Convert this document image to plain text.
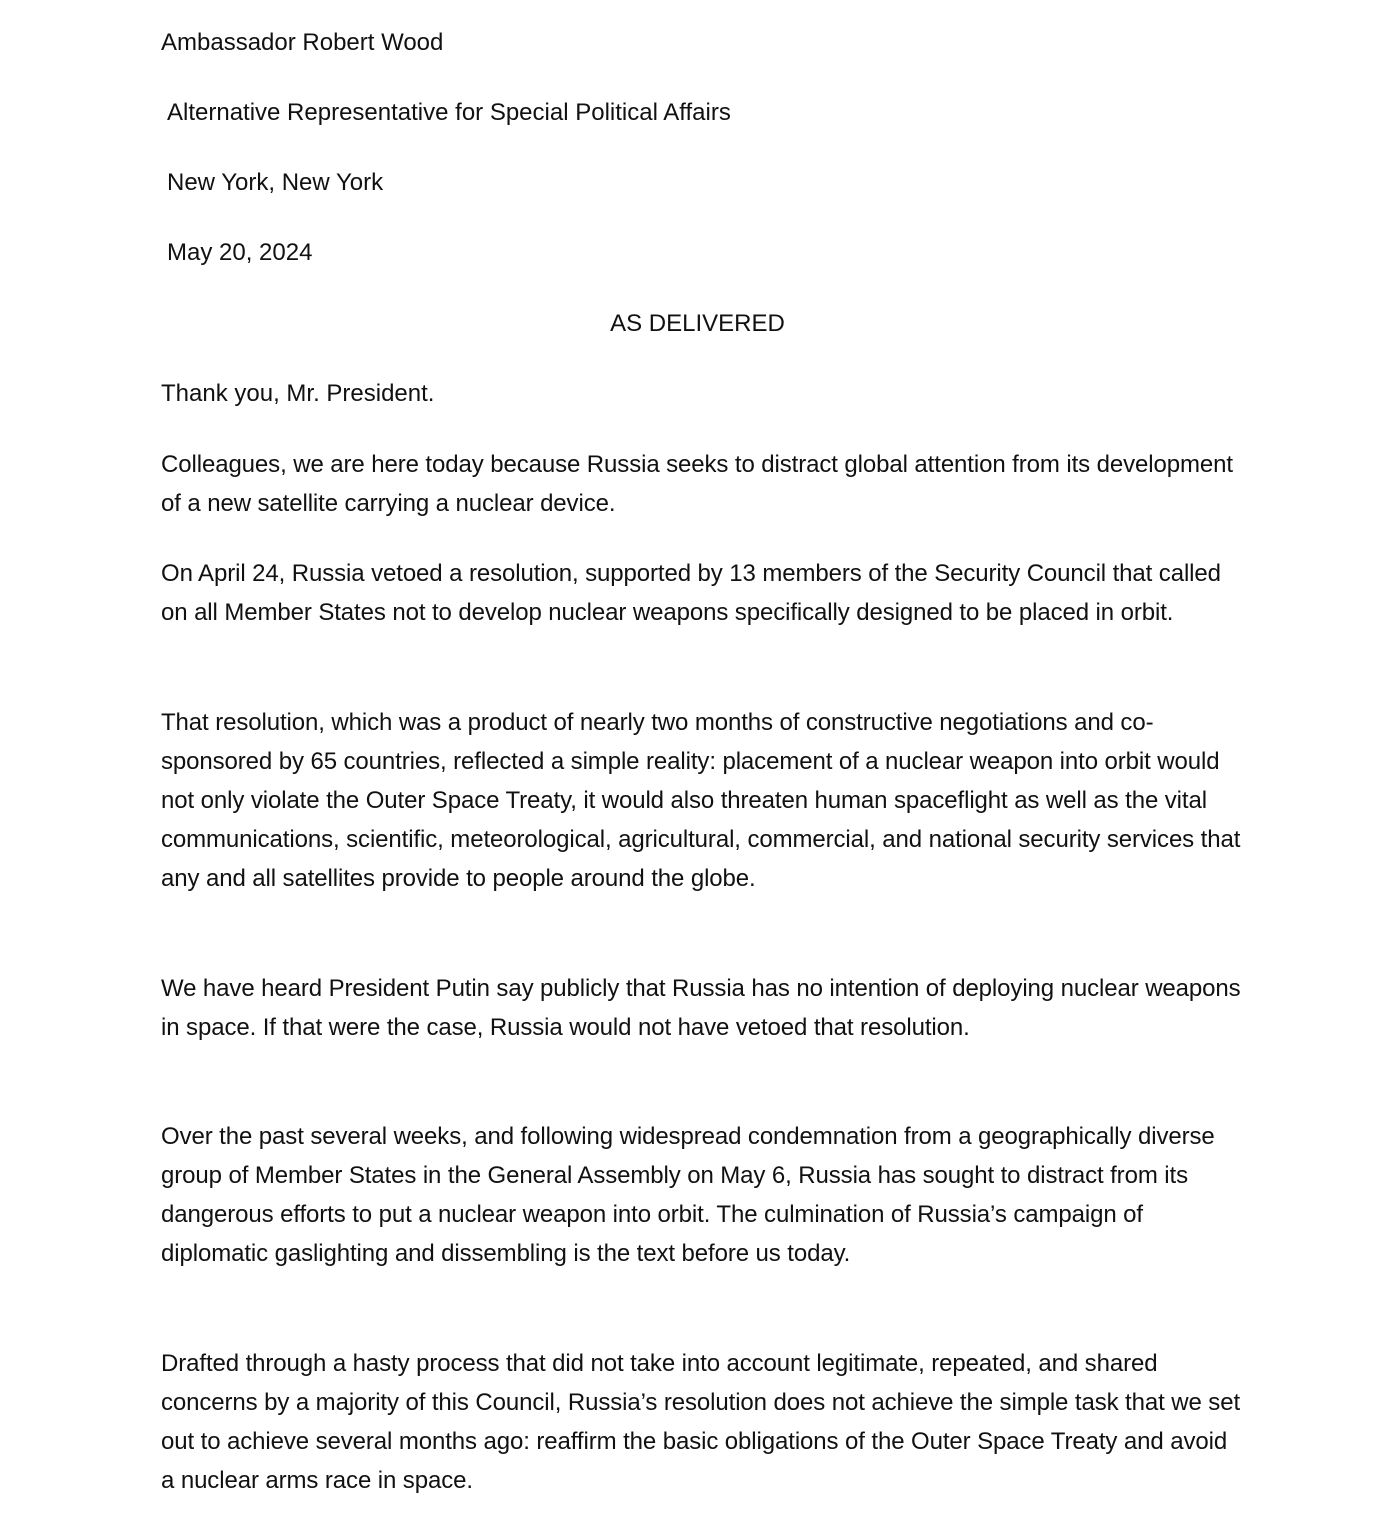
Ambassador Robert Wood

Alternative Representative for Special Political Affairs

New York, New York

May 20, 2024

AS DELIVERED

Thank you, Mr. President.

Colleagues, we are here today because Russia seeks to distract global attention from its development of a new satellite carrying a nuclear device.

On April 24, Russia vetoed a resolution, supported by 13 members of the Security Council that called on all Member States not to develop nuclear weapons specifically designed to be placed in orbit.

That resolution, which was a product of nearly two months of constructive negotiations and co-sponsored by 65 countries, reflected a simple reality: placement of a nuclear weapon into orbit would not only violate the Outer Space Treaty, it would also threaten human spaceflight as well as the vital communications, scientific, meteorological, agricultural, commercial, and national security services that any and all satellites provide to people around the globe.

We have heard President Putin say publicly that Russia has no intention of deploying nuclear weapons in space. If that were the case, Russia would not have vetoed that resolution.

Over the past several weeks, and following widespread condemnation from a geographically diverse group of Member States in the General Assembly on May 6, Russia has sought to distract from its dangerous efforts to put a nuclear weapon into orbit. The culmination of Russia’s campaign of diplomatic gaslighting and dissembling is the text before us today.

Drafted through a hasty process that did not take into account legitimate, repeated, and shared concerns by a majority of this Council, Russia’s resolution does not achieve the simple task that we set out to achieve several months ago: reaffirm the basic obligations of the Outer Space Treaty and avoid a nuclear arms race in space.
